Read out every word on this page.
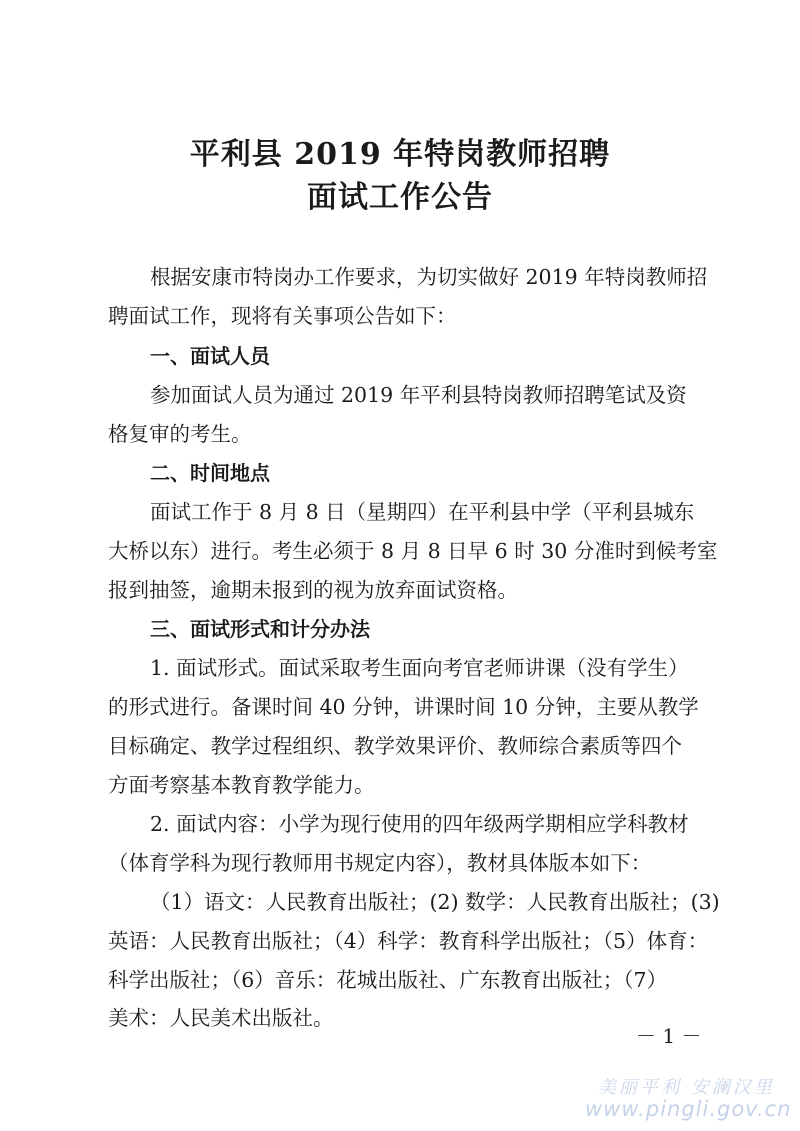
平利县 2019 年特岗教师招聘
面试工作公告
根据安康市特岗办工作要求，为切实做好 2019 年特岗教师招
聘面试工作，现将有关事项公告如下：
一、面试人员
参加面试人员为通过 2019 年平利县特岗教师招聘笔试及资
格复审的考生。
二、时间地点
面试工作于 8 月 8 日（星期四）在平利县中学（平利县城东
大桥以东）进行。考生必须于 8 月 8 日早 6 时 30 分准时到候考室
报到抽签，逾期未报到的视为放弃面试资格。
三、面试形式和计分办法
1. 面试形式。面试采取考生面向考官老师讲课（没有学生）
的形式进行。备课时间 40 分钟，讲课时间 10 分钟，主要从教学
目标确定、教学过程组织、教学效果评价、教师综合素质等四个
方面考察基本教育教学能力。
2. 面试内容：小学为现行使用的四年级两学期相应学科教材
（体育学科为现行教师用书规定内容），教材具体版本如下：
（1）语文：人民教育出版社；(2) 数学：人民教育出版社；(3)
英语：人民教育出版社；（4）科学：教育科学出版社；（5）体育：
科学出版社；（6）音乐：花城出版社、广东教育出版社；（7）
美术：人民美术出版社。
－ 1 －
美丽平利 安澜汉里
www.pingli.gov.cn
